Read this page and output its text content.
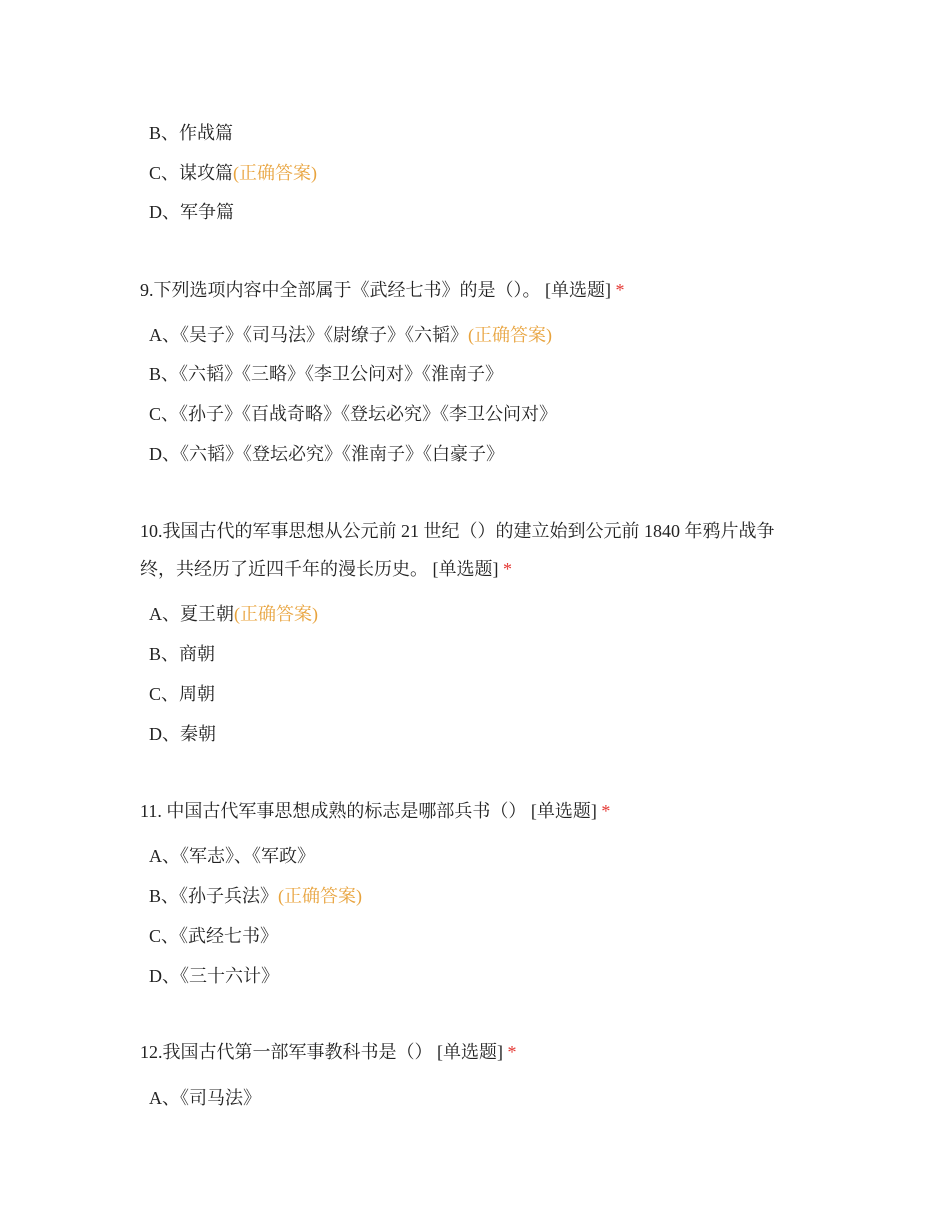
B、作战篇
C、谋攻篇(正确答案)
D、军争篇
9.下列选项内容中全部属于《武经七书》的是（）。 [单选题] *
A、《吴子》《司马法》《尉缭子》《六韬》(正确答案)
B、《六韬》《三略》《李卫公问对》《淮南子》
C、《孙子》《百战奇略》《登坛必究》《李卫公问对》
D、《六韬》《登坛必究》《淮南子》《白豪子》
10.我国古代的军事思想从公元前 21 世纪（）的建立始到公元前 1840 年鸦片战争终，共经历了近四千年的漫长历史。 [单选题] *
A、夏王朝(正确答案)
B、商朝
C、周朝
D、秦朝
11. 中国古代军事思想成熟的标志是哪部兵书（） [单选题] *
A、《军志》、《军政》
B、《孙子兵法》(正确答案)
C、《武经七书》
D、《三十六计》
12.我国古代第一部军事教科书是（） [单选题] *
A、《司马法》
